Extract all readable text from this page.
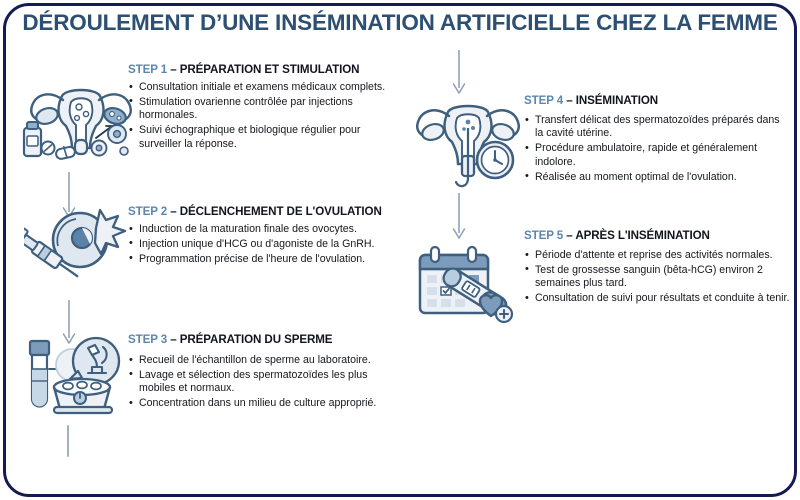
DÉROULEMENT D’UNE INSÉMINATION ARTIFICIELLE CHEZ LA FEMME
STEP 1 – PRÉPARATION ET STIMULATION
• Consultation initiale et examens médicaux complets.
• Stimulation ovarienne contrôlée par injections hormonales.
• Suivi échographique et biologique régulier pour surveiller la réponse.
STEP 2 – DÉCLENCHEMENT DE L'OVULATION
• Induction de la maturation finale des ovocytes.
• Injection unique d'HCG ou d'agoniste de la GnRH.
• Programmation précise de l'heure de l'ovulation.
STEP 3 – PRÉPARATION DU SPERME
• Recueil de l'échantillon de sperme au laboratoire.
• Lavage et sélection des spermatozoïdes les plus mobiles et normaux.
• Concentration dans un milieu de culture approprié.
STEP 4 – INSÉMINATION
• Transfert délicat des spermatozoïdes préparés dans la cavité utérine.
• Procédure ambulatoire, rapide et généralement indolore.
• Réalisée au moment optimal de l'ovulation.
STEP 5 – APRÈS L'INSÉMINATION
• Période d'attente et reprise des activités normales.
• Test de grossesse sanguin (bêta-hCG) environ 2 semaines plus tard.
• Consultation de suivi pour résultats et conduite à tenir.
